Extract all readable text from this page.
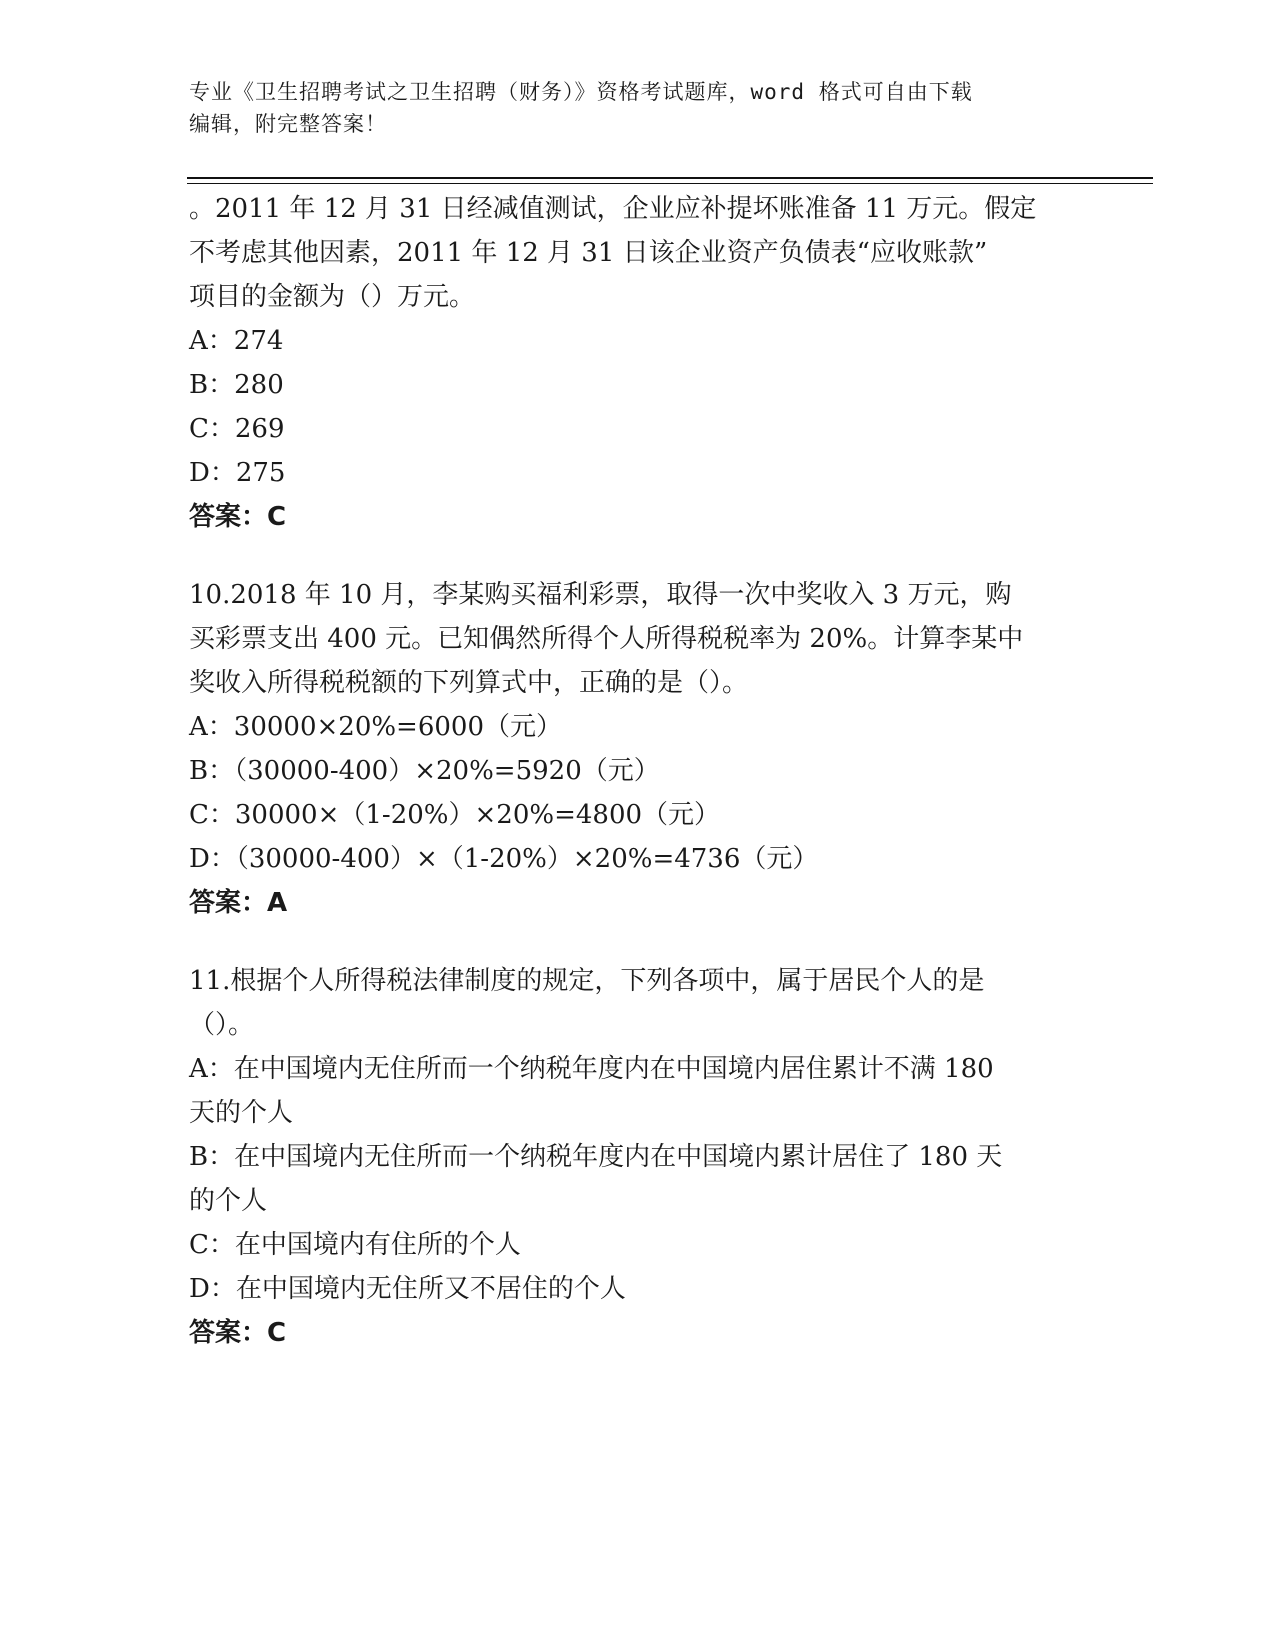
专业《卫生招聘考试之卫生招聘（财务）》资格考试题库，word 格式可自由下载
编辑，附完整答案！
。2011 年 12 月 31 日经减值测试，企业应补提坏账准备 11 万元。假定
不考虑其他因素，2011 年 12 月 31 日该企业资产负债表“应收账款”
项目的金额为（）万元。
A：274
B：280
C：269
D：275
答案：C
10.2018 年 10 月，李某购买福利彩票，取得一次中奖收入 3 万元，购
买彩票支出 400 元。已知偶然所得个人所得税税率为 20%。计算李某中
奖收入所得税税额的下列算式中，正确的是（）。
A：30000×20%=6000（元）
B：（30000-400）×20%=5920（元）
C：30000×（1-20%）×20%=4800（元）
D：（30000-400）×（1-20%）×20%=4736（元）
答案：A
11.根据个人所得税法律制度的规定，下列各项中，属于居民个人的是
（）。
A：在中国境内无住所而一个纳税年度内在中国境内居住累计不满 180
天的个人
B：在中国境内无住所而一个纳税年度内在中国境内累计居住了 180 天
的个人
C：在中国境内有住所的个人
D：在中国境内无住所又不居住的个人
答案：C
